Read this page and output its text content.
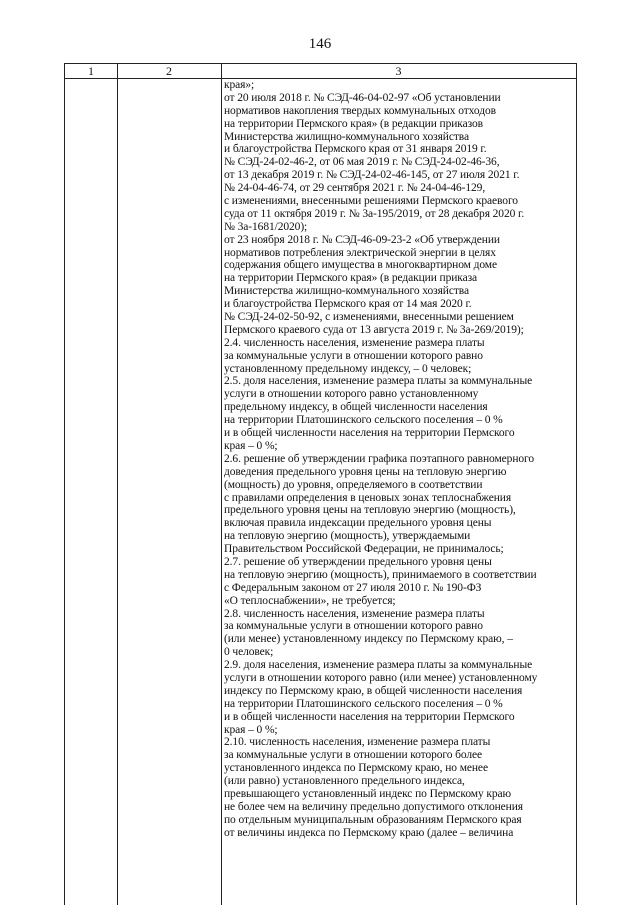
146
1	2	3
края»;
от 20 июля 2018 г. № СЭД-46-04-02-97 «Об установлении
нормативов накопления твердых коммунальных отходов
на территории Пермского края» (в редакции приказов
Министерства жилищно-коммунального хозяйства
и благоустройства Пермского края от 31 января 2019 г.
№ СЭД-24-02-46-2, от 06 мая 2019 г. № СЭД-24-02-46-36,
от 13 декабря 2019 г. № СЭД-24-02-46-145, от 27 июля 2021 г.
№ 24-04-46-74, от 29 сентября 2021 г. № 24-04-46-129,
с изменениями, внесенными решениями Пермского краевого
суда от 11 октября 2019 г. № 3а-195/2019, от 28 декабря 2020 г.
№ 3а-1681/2020);
от 23 ноября 2018 г. № СЭД-46-09-23-2 «Об утверждении
нормативов потребления электрической энергии в целях
содержания общего имущества в многоквартирном доме
на территории Пермского края» (в редакции приказа
Министерства жилищно-коммунального хозяйства
и благоустройства Пермского края от 14 мая 2020 г.
№ СЭД-24-02-50-92, с изменениями, внесенными решением
Пермского краевого суда от 13 августа 2019 г. № 3а-269/2019);
2.4. численность населения, изменение размера платы
за коммунальные услуги в отношении которого равно
установленному предельному индексу, – 0 человек;
2.5. доля населения, изменение размера платы за коммунальные
услуги в отношении которого равно установленному
предельному индексу, в общей численности населения
на территории Платошинского сельского поселения – 0 %
и в общей численности населения на территории Пермского
края – 0 %;
2.6. решение об утверждении графика поэтапного равномерного
доведения предельного уровня цены на тепловую энергию
(мощность) до уровня, определяемого в соответствии
с правилами определения в ценовых зонах теплоснабжения
предельного уровня цены на тепловую энергию (мощность),
включая правила индексации предельного уровня цены
на тепловую энергию (мощность), утверждаемыми
Правительством Российской Федерации, не принималось;
2.7. решение об утверждении предельного уровня цены
на тепловую энергию (мощность), принимаемого в соответствии
с Федеральным законом от 27 июля 2010 г. № 190-ФЗ
«О теплоснабжении», не требуется;
2.8. численность населения, изменение размера платы
за коммунальные услуги в отношении которого равно
(или менее) установленному индексу по Пермскому краю, –
0 человек;
2.9. доля населения, изменение размера платы за коммунальные
услуги в отношении которого равно (или менее) установленному
индексу по Пермскому краю, в общей численности населения
на территории Платошинского сельского поселения – 0 %
и в общей численности населения на территории Пермского
края – 0 %;
2.10. численность населения, изменение размера платы
за коммунальные услуги в отношении которого более
установленного индекса по Пермскому краю, но менее
(или равно) установленного предельного индекса,
превышающего установленный индекс по Пермскому краю
не более чем на величину предельно допустимого отклонения
по отдельным муниципальным образованиям Пермского края
от величины индекса по Пермскому краю (далее – величина
